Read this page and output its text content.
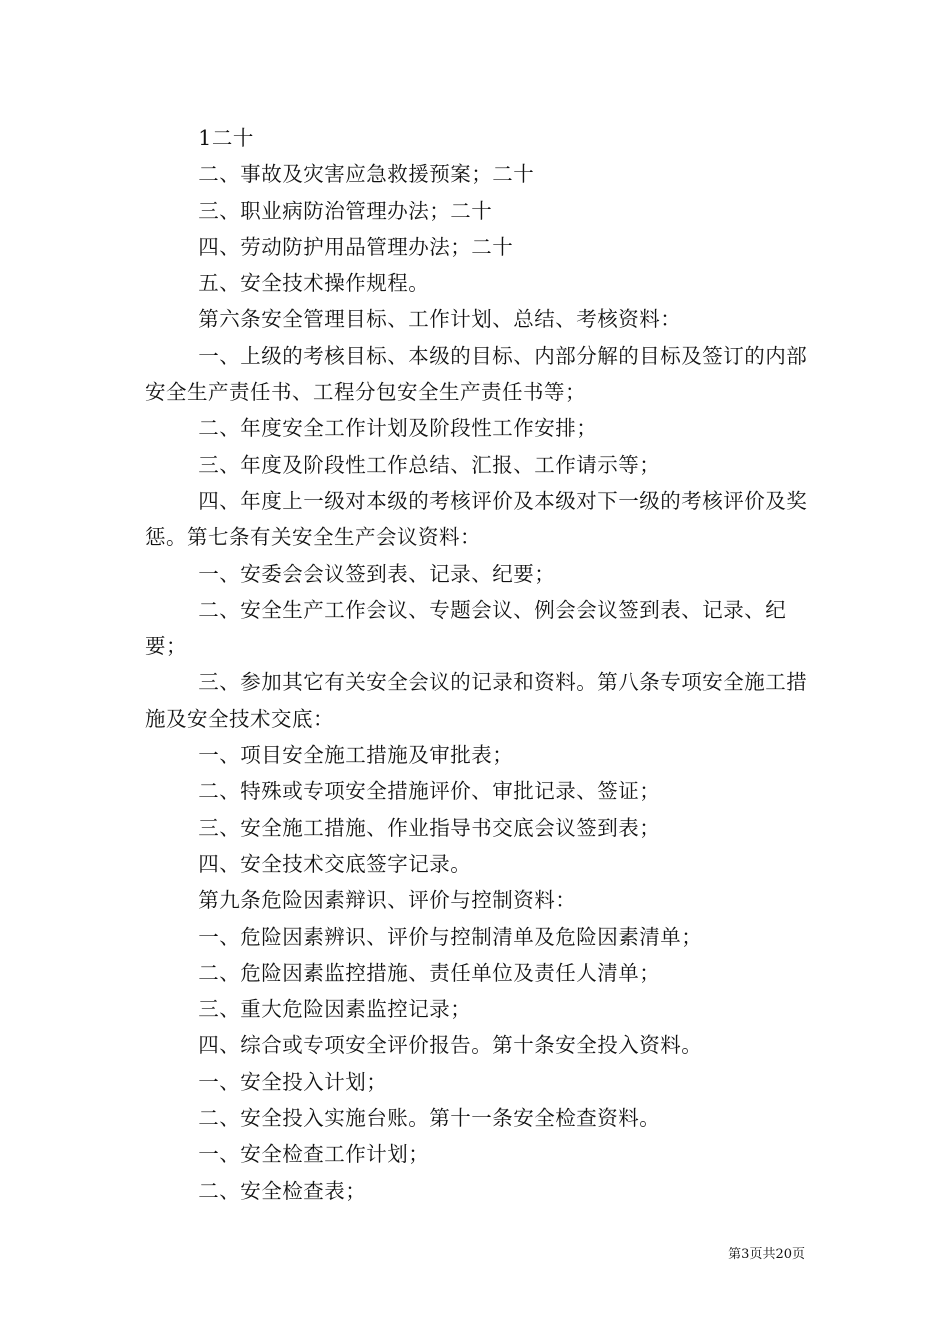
1二十

二、事故及灾害应急救援预案；二十

三、职业病防治管理办法；二十

四、劳动防护用品管理办法；二十

五、安全技术操作规程。

第六条安全管理目标、工作计划、总结、考核资料：

一、上级的考核目标、本级的目标、内部分解的目标及签订的内部安全生产责任书、工程分包安全生产责任书等；

二、年度安全工作计划及阶段性工作安排；

三、年度及阶段性工作总结、汇报、工作请示等；

四、年度上一级对本级的考核评价及本级对下一级的考核评价及奖惩。第七条有关安全生产会议资料：

一、安委会会议签到表、记录、纪要；

二、安全生产工作会议、专题会议、例会会议签到表、记录、纪要；

三、参加其它有关安全会议的记录和资料。第八条专项安全施工措施及安全技术交底：

一、项目安全施工措施及审批表；

二、特殊或专项安全措施评价、审批记录、签证；

三、安全施工措施、作业指导书交底会议签到表；

四、安全技术交底签字记录。

第九条危险因素辩识、评价与控制资料：

一、危险因素辨识、评价与控制清单及危险因素清单；

二、危险因素监控措施、责任单位及责任人清单；

三、重大危险因素监控记录；

四、综合或专项安全评价报告。第十条安全投入资料。

一、安全投入计划；

二、安全投入实施台账。第十一条安全检查资料。

一、安全检查工作计划；

二、安全检查表；

第3页共20页
